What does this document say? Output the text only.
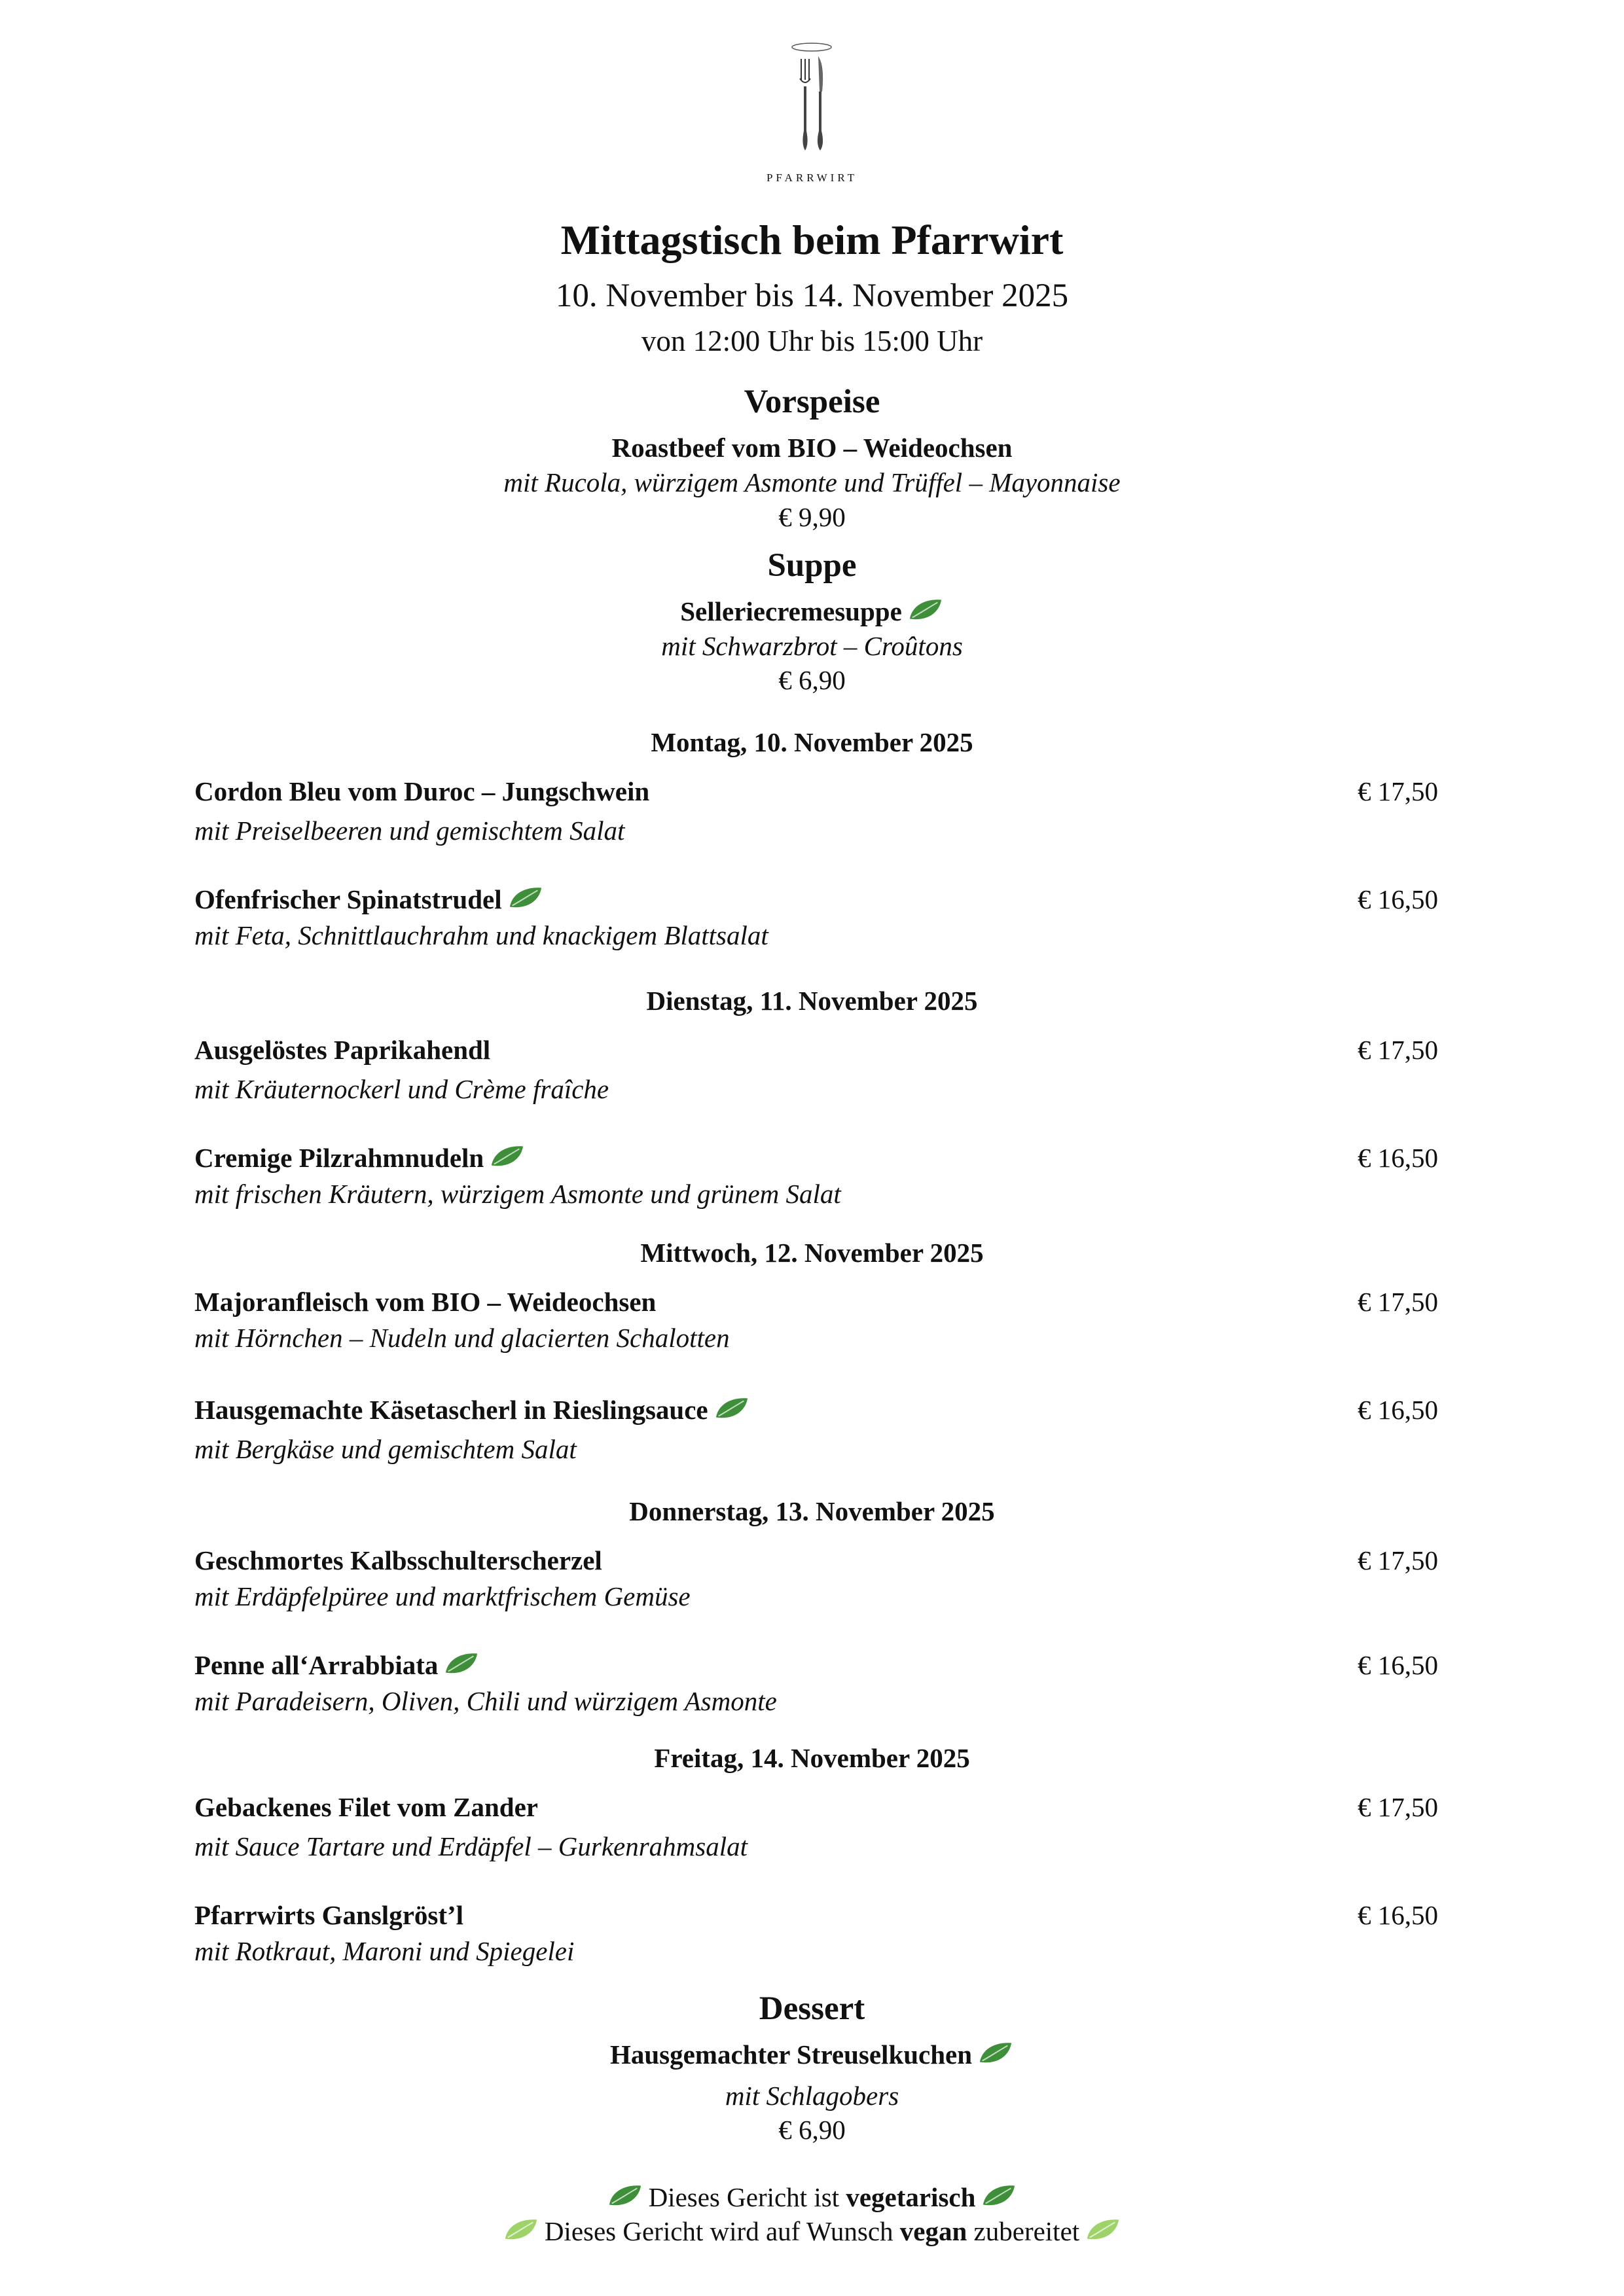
PFARRWIRT
Mittagstisch beim Pfarrwirt
10. November bis 14. November 2025
von 12:00 Uhr bis 15:00 Uhr
Vorspeise
Roastbeef vom BIO – Weideochsen
mit Rucola, würzigem Asmonte und Trüffel – Mayonnaise
€ 9,90
Suppe
Selleriecremesuppe
mit Schwarzbrot – Croûtons
€ 6,90
Montag, 10. November 2025
Cordon Bleu vom Duroc – Jungschwein	€ 17,50
mit Preiselbeeren und gemischtem Salat
Ofenfrischer Spinatstrudel	€ 16,50
mit Feta, Schnittlauchrahm und knackigem Blattsalat
Dienstag, 11. November 2025
Ausgelöstes Paprikahendl	€ 17,50
mit Kräuternockerl und Crème fraîche
Cremige Pilzrahmnudeln	€ 16,50
mit frischen Kräutern, würzigem Asmonte und grünem Salat
Mittwoch, 12. November 2025
Majoranfleisch vom BIO – Weideochsen	€ 17,50
mit Hörnchen – Nudeln und glacierten Schalotten
Hausgemachte Käsetascherl in Rieslingsauce	€ 16,50
mit Bergkäse und gemischtem Salat
Donnerstag, 13. November 2025
Geschmortes Kalbsschulterscherzel	€ 17,50
mit Erdäpfelpüree und marktfrischem Gemüse
Penne all‘Arrabbiata	€ 16,50
mit Paradeisern, Oliven, Chili und würzigem Asmonte
Freitag, 14. November 2025
Gebackenes Filet vom Zander	€ 17,50
mit Sauce Tartare und Erdäpfel – Gurkenrahmsalat
Pfarrwirts Ganslgröst’l	€ 16,50
mit Rotkraut, Maroni und Spiegelei
Dessert
Hausgemachter Streuselkuchen
mit Schlagobers
€ 6,90
Dieses Gericht ist vegetarisch
Dieses Gericht wird auf Wunsch vegan zubereitet
